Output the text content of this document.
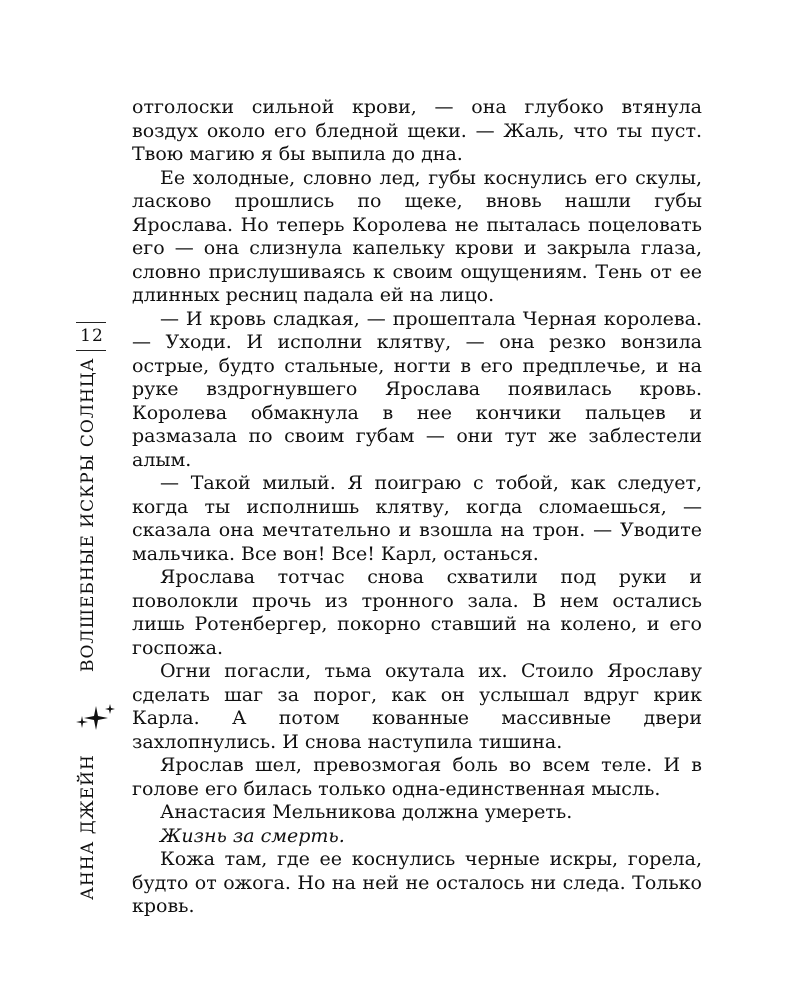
12
ВОЛШЕБНЫЕ ИСКРЫ СОЛНЦА
АННА ДЖЕЙН

отголоски сильной крови, — она глубоко втянула воздух около его бледной щеки. — Жаль, что ты пуст. Твою магию я бы выпила до дна.

Ее холодные, словно лед, губы коснулись его скулы, ласково прошлись по щеке, вновь нашли губы Ярослава. Но теперь Королева не пыталась поцеловать его — она слизнула капельку крови и закрыла глаза, словно прислушиваясь к своим ощущениям. Тень от ее длинных ресниц падала ей на лицо.

— И кровь сладкая, — прошептала Черная королева. — Уходи. И исполни клятву, — она резко вонзила острые, будто стальные, ногти в его предплечье, и на руке вздрогнувшего Ярослава появилась кровь. Королева обмакнула в нее кончики пальцев и размазала по своим губам — они тут же заблестели алым.

— Такой милый. Я поиграю с тобой, как следует, когда ты исполнишь клятву, когда сломаешься, — сказала она мечтательно и взошла на трон. — Уводите мальчика. Все вон! Все! Карл, останься.

Ярослава тотчас снова схватили под руки и поволокли прочь из тронного зала. В нем остались лишь Ротенбергер, покорно ставший на колено, и его госпожа.

Огни погасли, тьма окутала их. Стоило Ярославу сделать шаг за порог, как он услышал вдруг крик Карла. А потом кованные массивные двери захлопнулись. И снова наступила тишина.

Ярослав шел, превозмогая боль во всем теле. И в голове его билась только одна-единственная мысль.

Анастасия Мельникова должна умереть.

Жизнь за смерть.

Кожа там, где ее коснулись черные искры, горела, будто от ожога. Но на ней не осталось ни следа. Только кровь.
